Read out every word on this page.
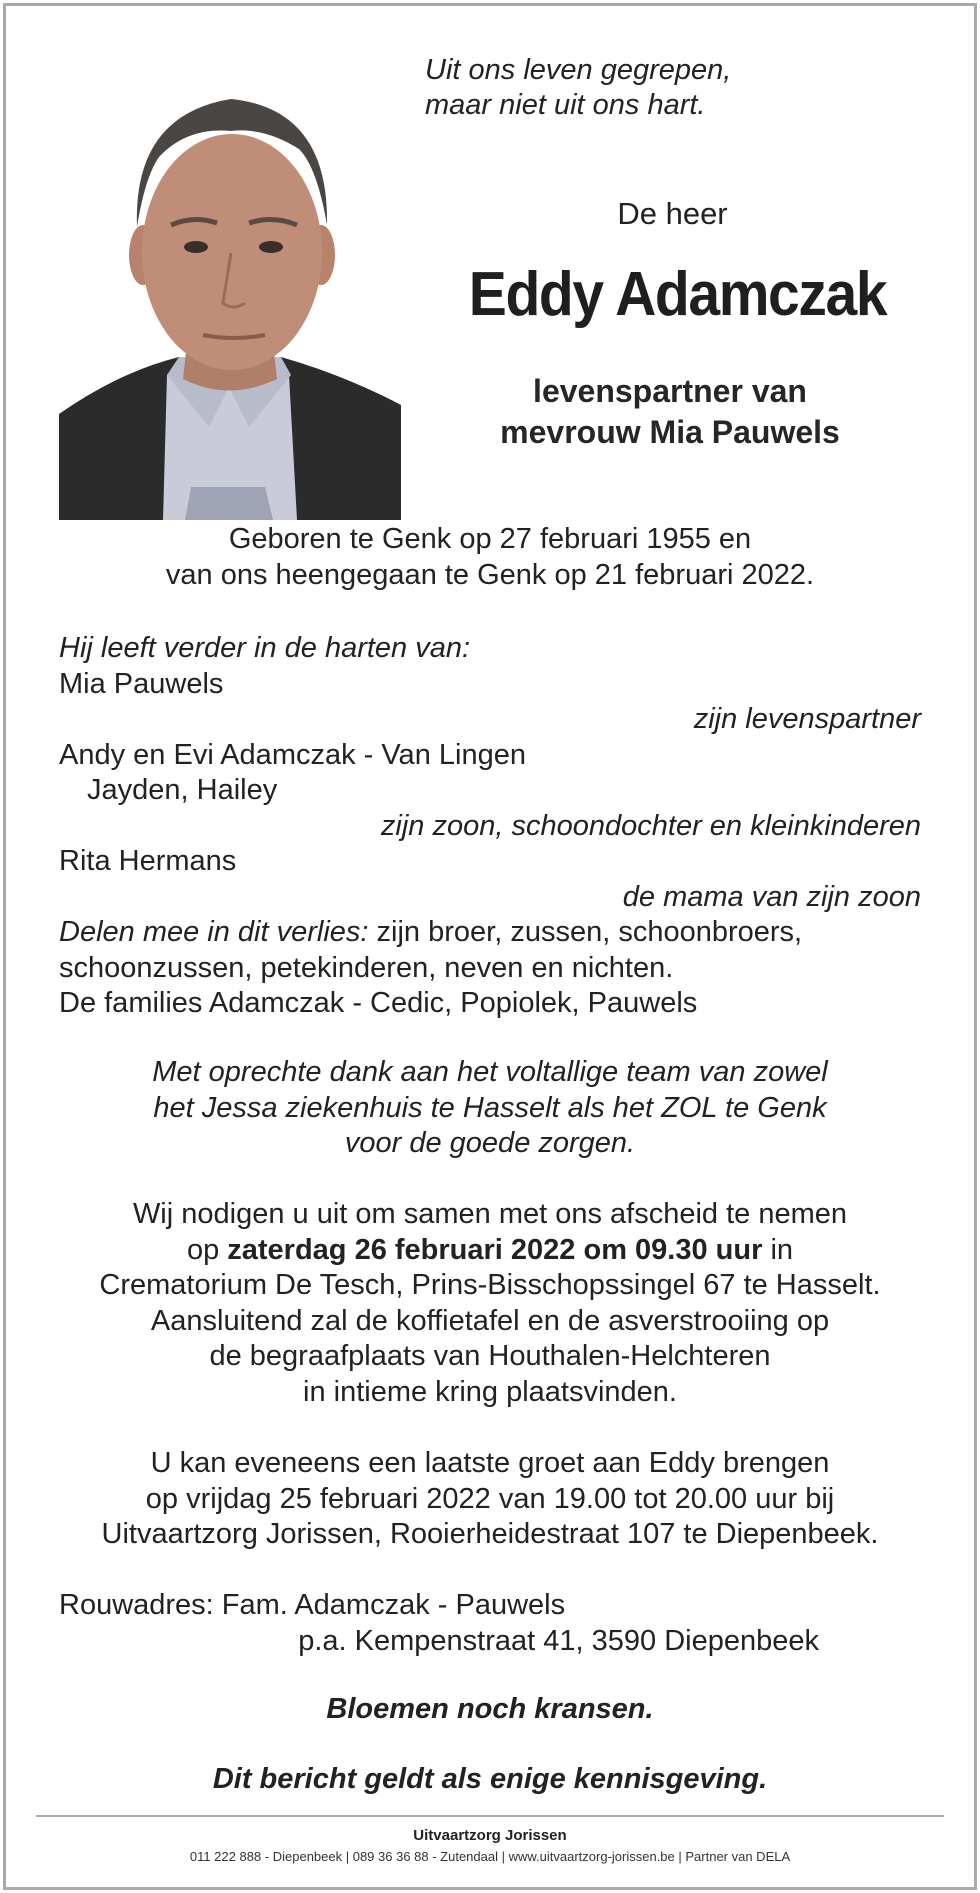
Uit ons leven gegrepen,
maar niet uit ons hart.
De heer
Eddy Adamczak
levenspartner van
mevrouw Mia Pauwels
Geboren te Genk op 27 februari 1955 en
van ons heengegaan te Genk op 21 februari 2022.
Hij leeft verder in de harten van:
Mia Pauwels
zijn levenspartner
Andy en Evi Adamczak - Van Lingen
Jayden, Hailey
zijn zoon, schoondochter en kleinkinderen
Rita Hermans
de mama van zijn zoon
Delen mee in dit verlies: zijn broer, zussen, schoonbroers,
schoonzussen, petekinderen, neven en nichten.
De families Adamczak - Cedic, Popiolek, Pauwels
Met oprechte dank aan het voltallige team van zowel
het Jessa ziekenhuis te Hasselt als het ZOL te Genk
voor de goede zorgen.
Wij nodigen u uit om samen met ons afscheid te nemen
op zaterdag 26 februari 2022 om 09.30 uur in
Crematorium De Tesch, Prins-Bisschopssingel 67 te Hasselt.
Aansluitend zal de koffietafel en de asverstrooiing op
de begraafplaats van Houthalen-Helchteren
in intieme kring plaatsvinden.
U kan eveneens een laatste groet aan Eddy brengen
op vrijdag 25 februari 2022 van 19.00 tot 20.00 uur bij
Uitvaartzorg Jorissen, Rooierheidestraat 107 te Diepenbeek.
Rouwadres: Fam. Adamczak - Pauwels
p.a. Kempenstraat 41, 3590 Diepenbeek
Bloemen noch kransen.
Dit bericht geldt als enige kennisgeving.
Uitvaartzorg Jorissen
011 222 888 - Diepenbeek | 089 36 36 88 - Zutendaal | www.uitvaartzorg-jorissen.be | Partner van DELA
